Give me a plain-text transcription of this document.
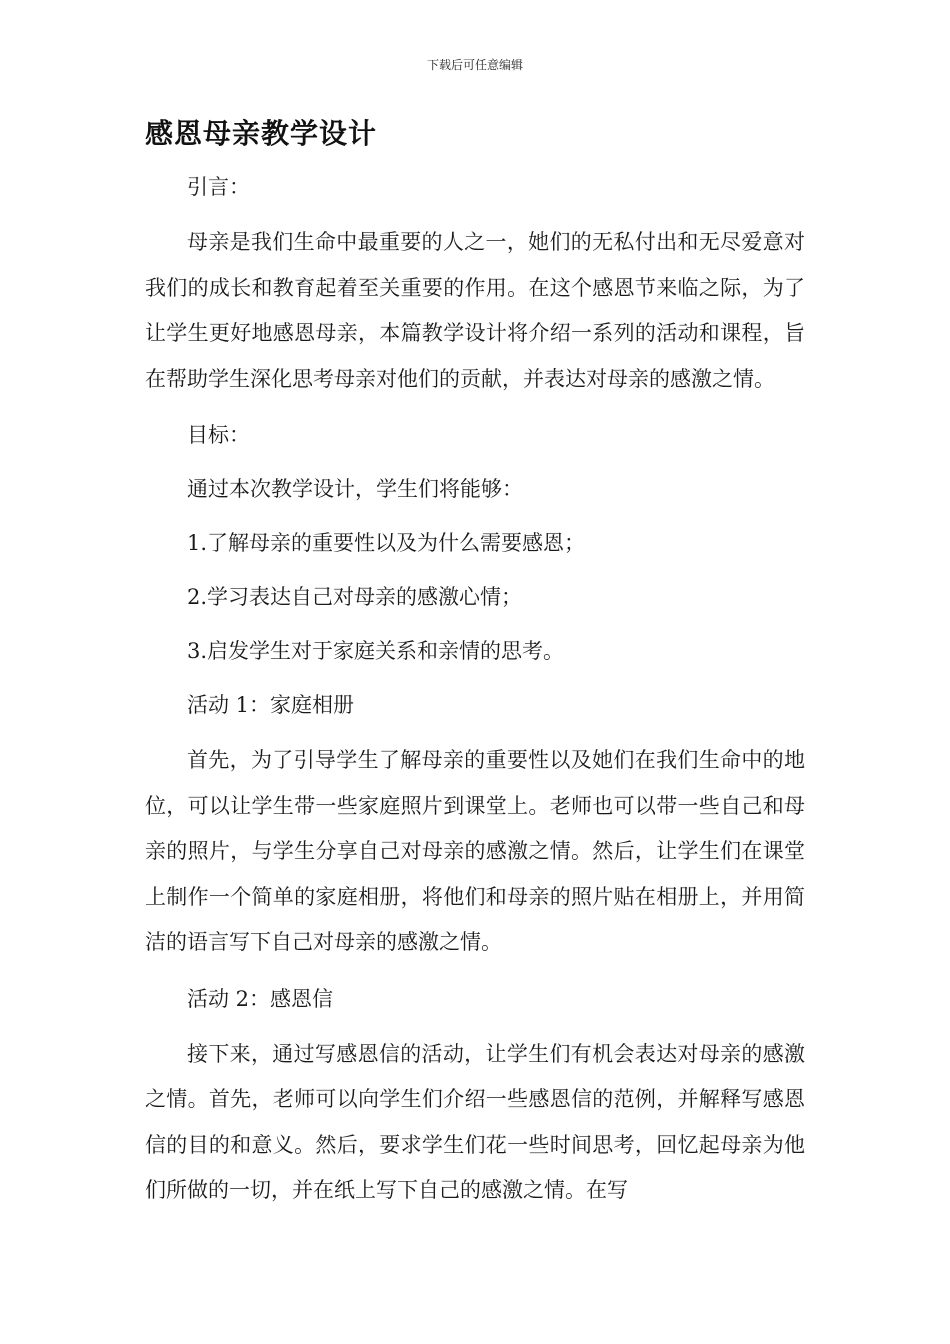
下载后可任意编辑
感恩母亲教学设计

引言：

母亲是我们生命中最重要的人之一，她们的无私付出和无尽爱意对我们的成长和教育起着至关重要的作用。在这个感恩节来临之际，为了让学生更好地感恩母亲，本篇教学设计将介绍一系列的活动和课程，旨在帮助学生深化思考母亲对他们的贡献，并表达对母亲的感激之情。

目标：

通过本次教学设计，学生们将能够：

1.了解母亲的重要性以及为什么需要感恩；

2.学习表达自己对母亲的感激心情；

3.启发学生对于家庭关系和亲情的思考。

活动 1：家庭相册

首先，为了引导学生了解母亲的重要性以及她们在我们生命中的地位，可以让学生带一些家庭照片到课堂上。老师也可以带一些自己和母亲的照片，与学生分享自己对母亲的感激之情。然后，让学生们在课堂上制作一个简单的家庭相册，将他们和母亲的照片贴在相册上，并用简洁的语言写下自己对母亲的感激之情。

活动 2：感恩信

接下来，通过写感恩信的活动，让学生们有机会表达对母亲的感激之情。首先，老师可以向学生们介绍一些感恩信的范例，并解释写感恩信的目的和意义。然后，要求学生们花一些时间思考，回忆起母亲为他们所做的一切，并在纸上写下自己的感激之情。在写
